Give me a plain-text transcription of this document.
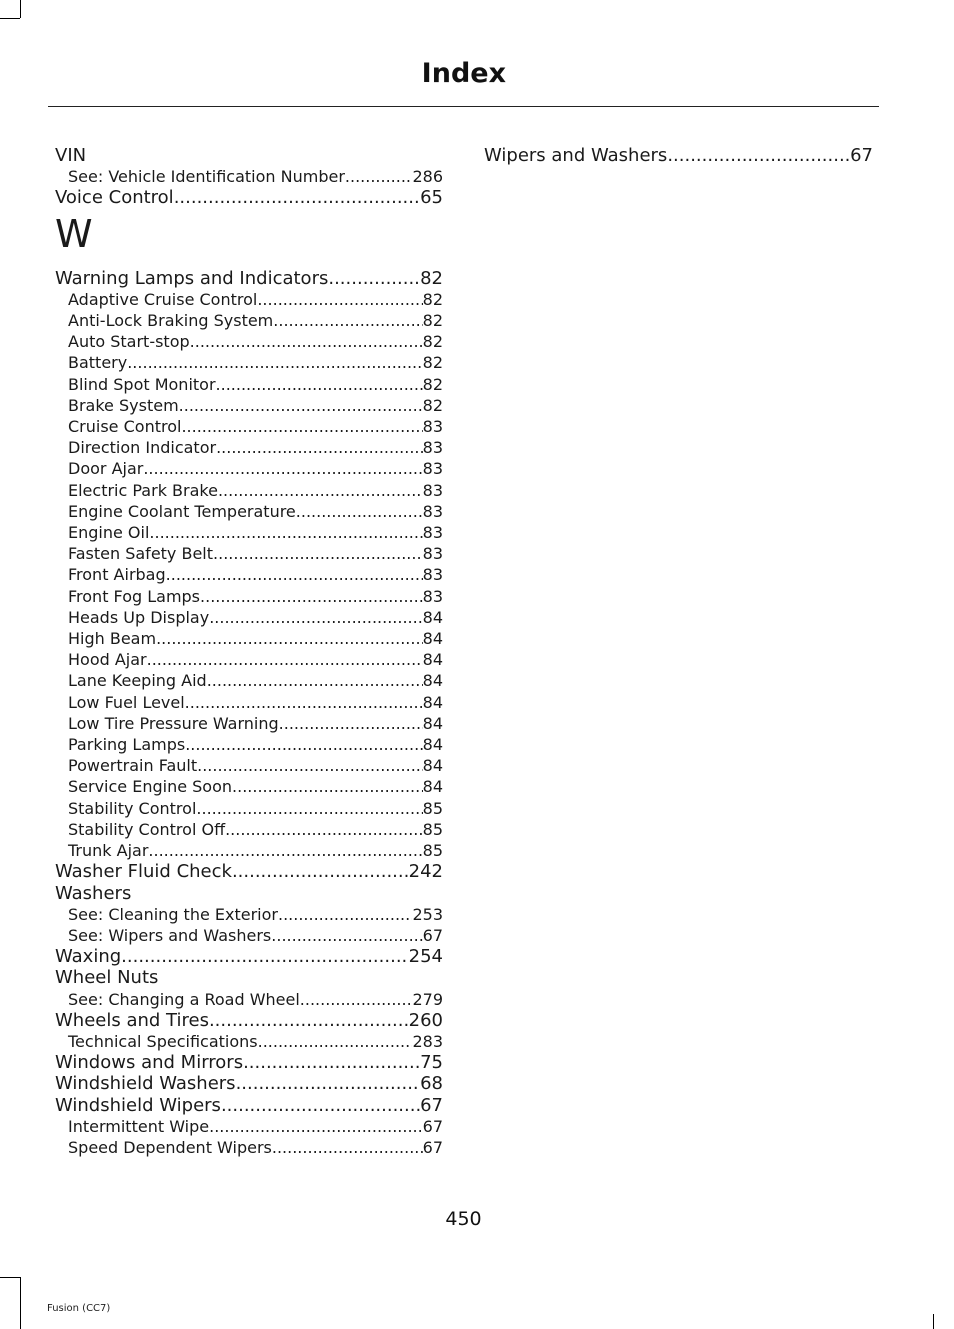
Index
VIN
See: Vehicle Identification Number .....	286
Voice Control .....	65
W
Warning Lamps and Indicators .....	82
Adaptive Cruise Control .....	82
Anti-Lock Braking System .....	82
Auto Start-stop .....	82
Battery .....	82
Blind Spot Monitor .....	82
Brake System .....	82
Cruise Control .....	83
Direction Indicator .....	83
Door Ajar .....	83
Electric Park Brake .....	83
Engine Coolant Temperature .....	83
Engine Oil .....	83
Fasten Safety Belt .....	83
Front Airbag .....	83
Front Fog Lamps .....	83
Heads Up Display .....	84
High Beam .....	84
Hood Ajar .....	84
Lane Keeping Aid .....	84
Low Fuel Level .....	84
Low Tire Pressure Warning .....	84
Parking Lamps .....	84
Powertrain Fault .....	84
Service Engine Soon .....	84
Stability Control .....	85
Stability Control Off .....	85
Trunk Ajar .....	85
Washer Fluid Check .....	242
Washers
See: Cleaning the Exterior .....	253
See: Wipers and Washers .....	67
Waxing .....	254
Wheel Nuts
See: Changing a Road Wheel .....	279
Wheels and Tires .....	260
Technical Specifications .....	283
Windows and Mirrors .....	75
Windshield Washers .....	68
Windshield Wipers .....	67
Intermittent Wipe .....	67
Speed Dependent Wipers .....	67
Wipers and Washers .....	67
450
Fusion (CC7)
